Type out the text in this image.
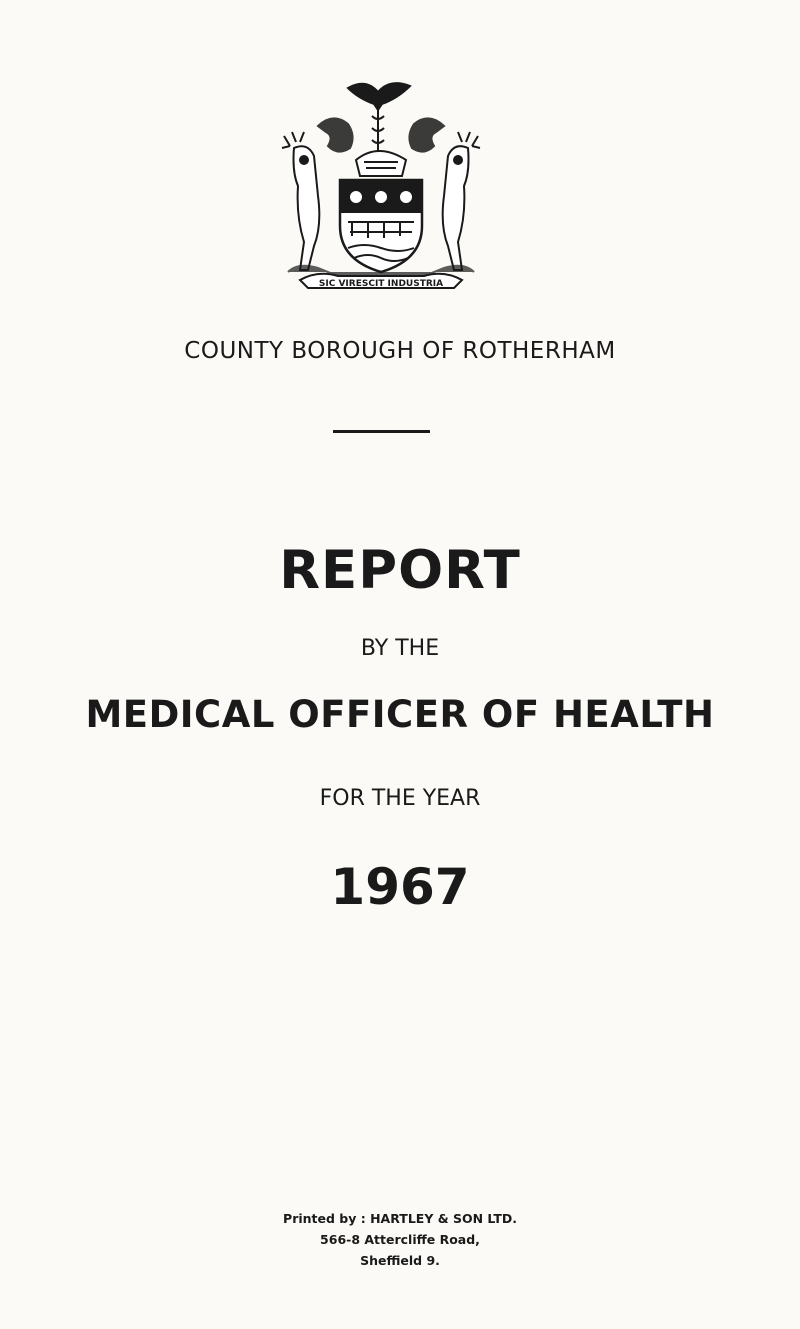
SIC VIRESCIT INDUSTRIA
COUNTY BOROUGH OF ROTHERHAM
REPORT
BY THE
MEDICAL OFFICER OF HEALTH
FOR THE YEAR
1967
Printed by : HARTLEY & SON LTD.
566-8 Attercliffe Road,
Sheffield 9.
